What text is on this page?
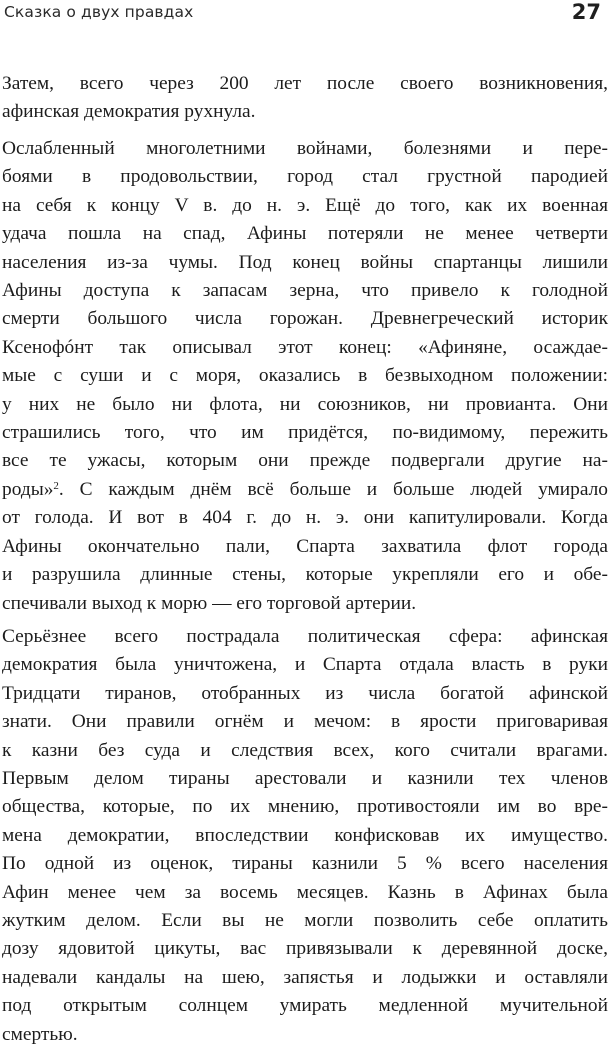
Сказка о двух правдах	27

Затем, всего через 200 лет после своего возникновения,
афинская демократия рухнула.

Ослабленный многолетними войнами, болезнями и пере-
боями в продовольствии, город стал грустной пародией
на себя к концу V в. до н. э. Ещё до того, как их военная
удача пошла на спад, Афины потеряли не менее четверти
населения из-за чумы. Под конец войны спартанцы лишили
Афины доступа к запасам зерна, что привело к голодной
смерти большого числа горожан. Древнегреческий историк
Ксенофóнт так описывал этот конец: «Афиняне, осаждае-
мые с суши и с моря, оказались в безвыходном положении:
у них не было ни флота, ни союзников, ни провианта. Они
страшились того, что им придётся, по-видимому, пережить
все те ужасы, которым они прежде подвергали другие на-
роды»$^2$. С каждым днём всё больше и больше людей умирало
от голода. И вот в 404 г. до н. э. они капитулировали. Когда
Афины окончательно пали, Спарта захватила флот города
и разрушила длинные стены, которые укрепляли его и обе-
спечивали выход к морю — его торговой артерии.

Серьёзнее всего пострадала политическая сфера: афинская
демократия была уничтожена, и Спарта отдала власть в руки
Тридцати тиранов, отобранных из числа богатой афинской
знати. Они правили огнём и мечом: в ярости приговаривая
к казни без суда и следствия всех, кого считали врагами.
Первым делом тираны арестовали и казнили тех членов
общества, которые, по их мнению, противостояли им во вре-
мена демократии, впоследствии конфисковав их имущество.
По одной из оценок, тираны казнили 5 % всего населения
Афин менее чем за восемь месяцев. Казнь в Афинах была
жутким делом. Если вы не могли позволить себе оплатить
дозу ядовитой цикуты, вас привязывали к деревянной доске,
надевали кандалы на шею, запястья и лодыжки и оставляли
под открытым солнцем умирать медленной мучительной
смертью.
